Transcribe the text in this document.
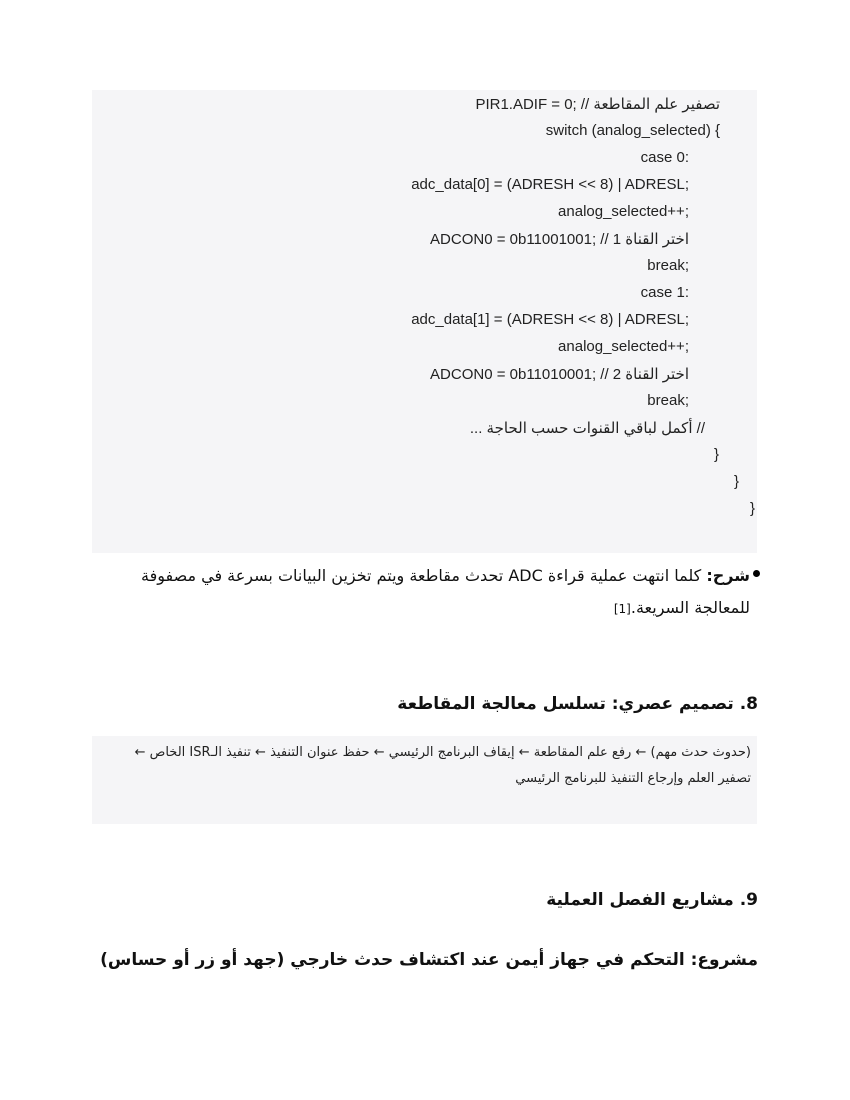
PIR1.ADIF = 0; // تصفير علم المقاطعة
switch (analog_selected) {
case 0:
adc_data[0] = (ADRESH << 8) | ADRESL;
analog_selected++;
ADCON0 = 0b11001001; // اختر القناة 1
break;
case 1:
adc_data[1] = (ADRESH << 8) | ADRESL;
analog_selected++;
ADCON0 = 0b11010001; // اختر القناة 2
break;
// أكمل لباقي القنوات حسب الحاجة ...
}
}
}

شرح: كلما انتهت عملية قراءة ADC تحدث مقاطعة ويتم تخزين البيانات بسرعة في مصفوفة للمعالجة السريعة.[1]

8. تصميم عصري: تسلسل معالجة المقاطعة

(حدوث حدث مهم) ← رفع علم المقاطعة ← إيقاف البرنامج الرئيسي ← حفظ عنوان التنفيذ ← تنفيذ الـISR الخاص ← تصفير العلم وإرجاع التنفيذ للبرنامج الرئيسي

9. مشاريع الفصل العملية
مشروع: التحكم في جهاز أيمن عند اكتشاف حدث خارجي (جهد أو زر أو حساس)
